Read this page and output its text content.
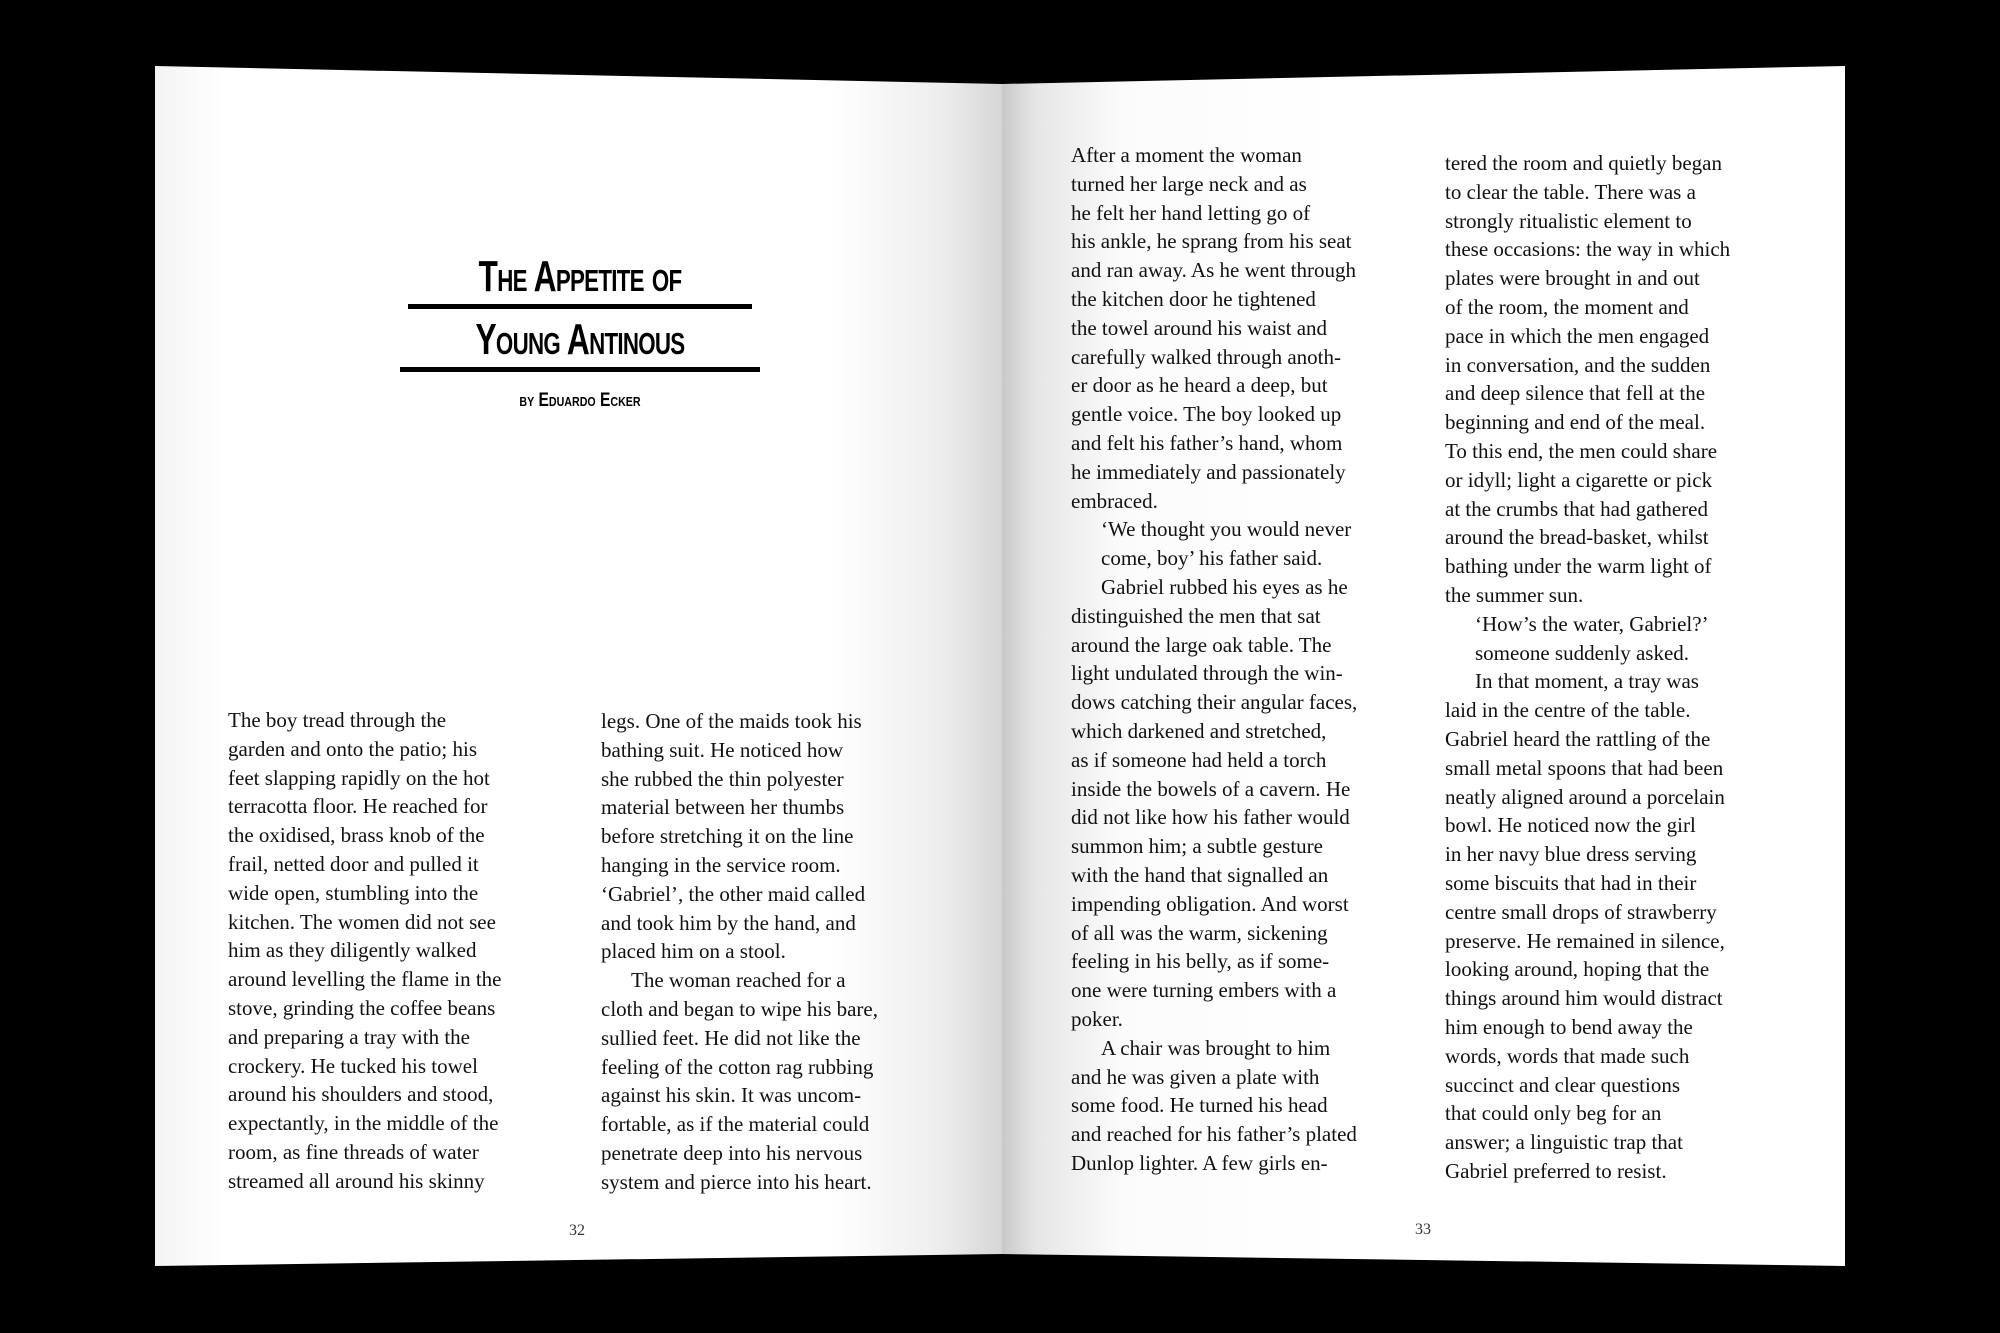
The Appetite of
Young Antinous
by Eduardo Ecker
The boy tread through the
garden and onto the patio; his
feet slapping rapidly on the hot
terracotta floor. He reached for
the oxidised, brass knob of the
frail, netted door and pulled it
wide open, stumbling into the
kitchen. The women did not see
him as they diligently walked
around levelling the flame in the
stove, grinding the coffee beans
and preparing a tray with the
crockery. He tucked his towel
around his shoulders and stood,
expectantly, in the middle of the
room, as fine threads of water
streamed all around his skinny
legs. One of the maids took his
bathing suit. He noticed how
she rubbed the thin polyester
material between her thumbs
before stretching it on the line
hanging in the service room.
‘Gabriel’, the other maid called
and took him by the hand, and
placed him on a stool.
The woman reached for a
cloth and began to wipe his bare,
sullied feet. He did not like the
feeling of the cotton rag rubbing
against his skin. It was uncom-
fortable, as if the material could
penetrate deep into his nervous
system and pierce into his heart.
After a moment the woman
turned her large neck and as
he felt her hand letting go of
his ankle, he sprang from his seat
and ran away. As he went through
the kitchen door he tightened
the towel around his waist and
carefully walked through anoth-
er door as he heard a deep, but
gentle voice. The boy looked up
and felt his father’s hand, whom
he immediately and passionately
embraced.
‘We thought you would never
come, boy’ his father said.
Gabriel rubbed his eyes as he
distinguished the men that sat
around the large oak table. The
light undulated through the win-
dows catching their angular faces,
which darkened and stretched,
as if someone had held a torch
inside the bowels of a cavern. He
did not like how his father would
summon him; a subtle gesture
with the hand that signalled an
impending obligation. And worst
of all was the warm, sickening
feeling in his belly, as if some-
one were turning embers with a
poker.
A chair was brought to him
and he was given a plate with
some food. He turned his head
and reached for his father’s plated
Dunlop lighter. A few girls en-
tered the room and quietly began
to clear the table. There was a
strongly ritualistic element to
these occasions: the way in which
plates were brought in and out
of the room, the moment and
pace in which the men engaged
in conversation, and the sudden
and deep silence that fell at the
beginning and end of the meal.
To this end, the men could share
or idyll; light a cigarette or pick
at the crumbs that had gathered
around the bread-basket, whilst
bathing under the warm light of
the summer sun.
‘How’s the water, Gabriel?’
someone suddenly asked.
In that moment, a tray was
laid in the centre of the table.
Gabriel heard the rattling of the
small metal spoons that had been
neatly aligned around a porcelain
bowl. He noticed now the girl
in her navy blue dress serving
some biscuits that had in their
centre small drops of strawberry
preserve. He remained in silence,
looking around, hoping that the
things around him would distract
him enough to bend away the
words, words that made such
succinct and clear questions
that could only beg for an
answer; a linguistic trap that
Gabriel preferred to resist.
32	33
